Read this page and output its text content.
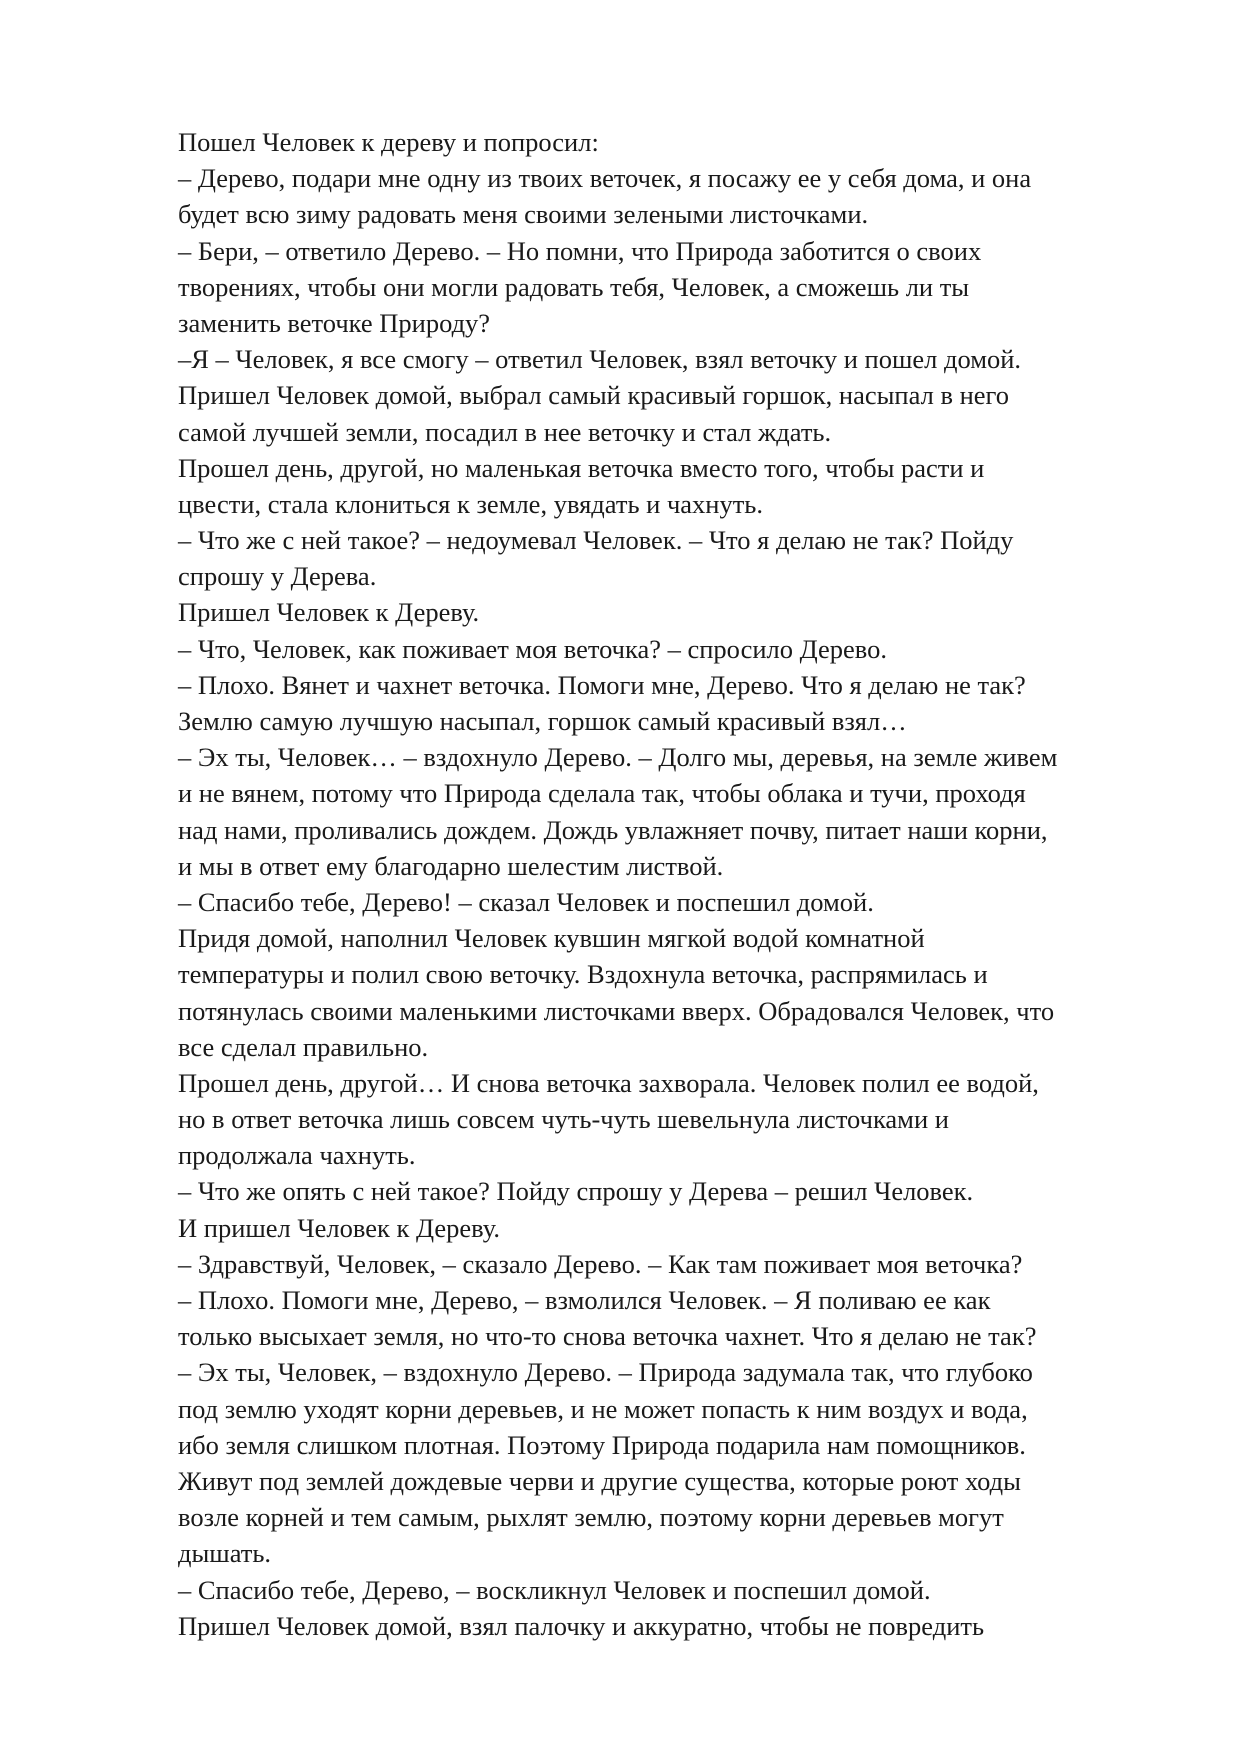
Пошел Человек к дереву и попросил:

– Дерево, подари мне одну из твоих веточек, я посажу ее у себя дома, и она

будет всю зиму радовать меня своими зелеными листочками.

– Бери, – ответило Дерево. – Но помни, что Природа заботится о своих

творениях, чтобы они могли радовать тебя, Человек, а сможешь ли ты

заменить веточке Природу?

–Я – Человек, я все смогу – ответил Человек, взял веточку и пошел домой.

Пришел Человек домой, выбрал самый красивый горшок, насыпал в него

самой лучшей земли, посадил в нее веточку и стал ждать.

Прошел день, другой, но маленькая веточка вместо того, чтобы расти и

цвести, стала клониться к земле, увядать и чахнуть.

– Что же с ней такое? – недоумевал Человек. – Что я делаю не так? Пойду

спрошу у Дерева.

Пришел Человек к Дереву.

– Что, Человек, как поживает моя веточка? – спросило Дерево.

– Плохо. Вянет и чахнет веточка. Помоги мне, Дерево. Что я делаю не так?

Землю самую лучшую насыпал, горшок самый красивый взял…

– Эх ты, Человек… – вздохнуло Дерево. – Долго мы, деревья, на земле живем

и не вянем, потому что Природа сделала так, чтобы облака и тучи, проходя

над нами, проливались дождем. Дождь увлажняет почву, питает наши корни,

и мы в ответ ему благодарно шелестим листвой.

– Спасибо тебе, Дерево! – сказал Человек и поспешил домой.

Придя домой, наполнил Человек кувшин мягкой водой комнатной

температуры и полил свою веточку. Вздохнула веточка, распрямилась и

потянулась своими маленькими листочками вверх. Обрадовался Человек, что

все сделал правильно.

Прошел день, другой… И снова веточка захворала. Человек полил ее водой,

но в ответ веточка лишь совсем чуть-чуть шевельнула листочками и

продолжала чахнуть.

– Что же опять с ней такое? Пойду спрошу у Дерева – решил Человек.

И пришел Человек к Дереву.

– Здравствуй, Человек, – сказало Дерево. – Как там поживает моя веточка?

– Плохо. Помоги мне, Дерево, – взмолился Человек. – Я поливаю ее как

только высыхает земля, но что-то снова веточка чахнет. Что я делаю не так?

– Эх ты, Человек, – вздохнуло Дерево. – Природа задумала так, что глубоко

под землю уходят корни деревьев, и не может попасть к ним воздух и вода,

ибо земля слишком плотная. Поэтому Природа подарила нам помощников.

Живут под землей дождевые черви и другие существа, которые роют ходы

возле корней и тем самым, рыхлят землю, поэтому корни деревьев могут

дышать.

– Спасибо тебе, Дерево, – воскликнул Человек и поспешил домой.

Пришел Человек домой, взял палочку и аккуратно, чтобы не повредить
